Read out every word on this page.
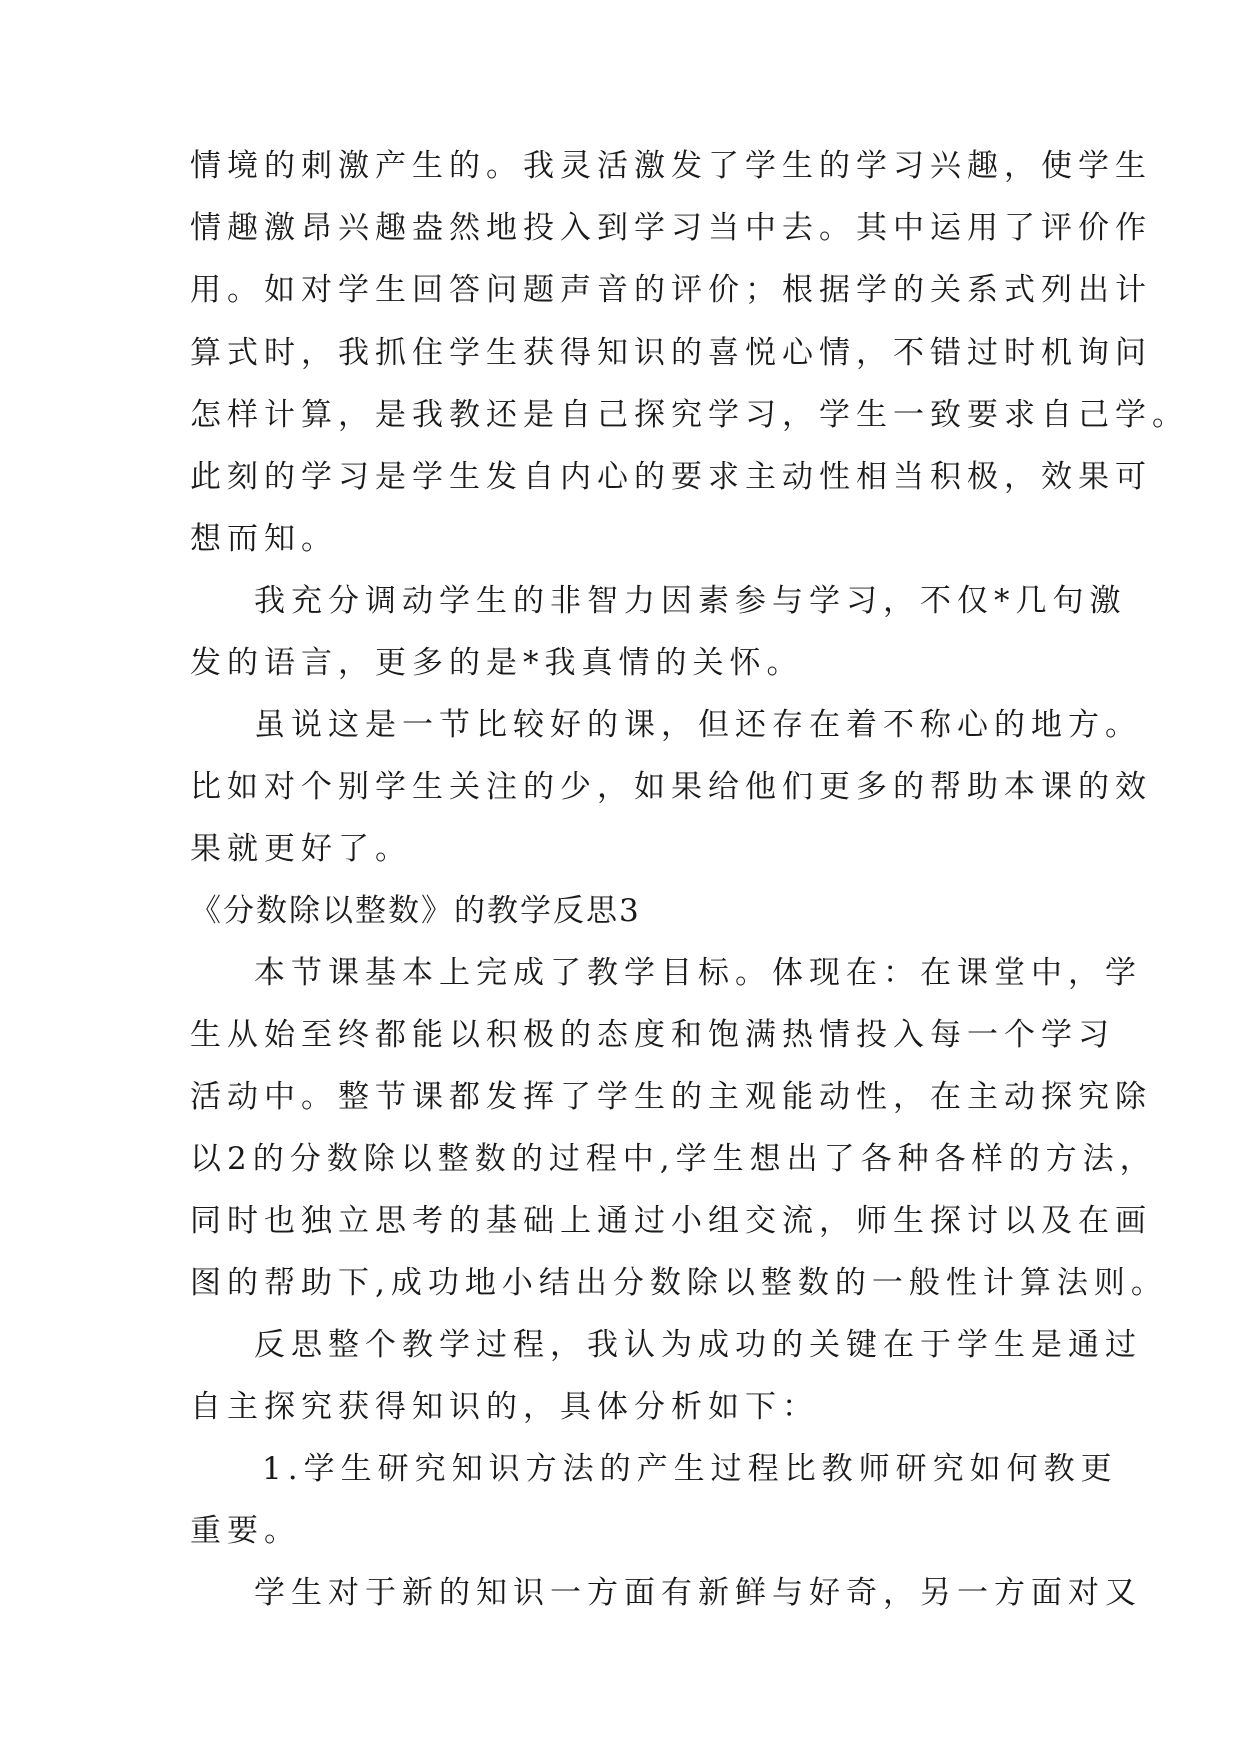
情境的刺激产生的。我灵活激发了学生的学习兴趣，使学生
情趣激昂兴趣盎然地投入到学习当中去。其中运用了评价作
用。如对学生回答问题声音的评价；根据学的关系式列出计
算式时，我抓住学生获得知识的喜悦心情，不错过时机询问
怎样计算，是我教还是自己探究学习，学生一致要求自己学。
此刻的学习是学生发自内心的要求主动性相当积极，效果可
想而知。
我充分调动学生的非智力因素参与学习，不仅*几句激
发的语言，更多的是*我真情的关怀。
虽说这是一节比较好的课，但还存在着不称心的地方。
比如对个别学生关注的少，如果给他们更多的帮助本课的效
果就更好了。
《分数除以整数》的教学反思3
本节课基本上完成了教学目标。体现在：在课堂中，学
生从始至终都能以积极的态度和饱满热情投入每一个学习
活动中。整节课都发挥了学生的主观能动性，在主动探究除
以2的分数除以整数的过程中,学生想出了各种各样的方法，
同时也独立思考的基础上通过小组交流，师生探讨以及在画
图的帮助下,成功地小结出分数除以整数的一般性计算法则。
反思整个教学过程，我认为成功的关键在于学生是通过
自主探究获得知识的，具体分析如下：
1.学生研究知识方法的产生过程比教师研究如何教更
重要。
学生对于新的知识一方面有新鲜与好奇，另一方面对又
